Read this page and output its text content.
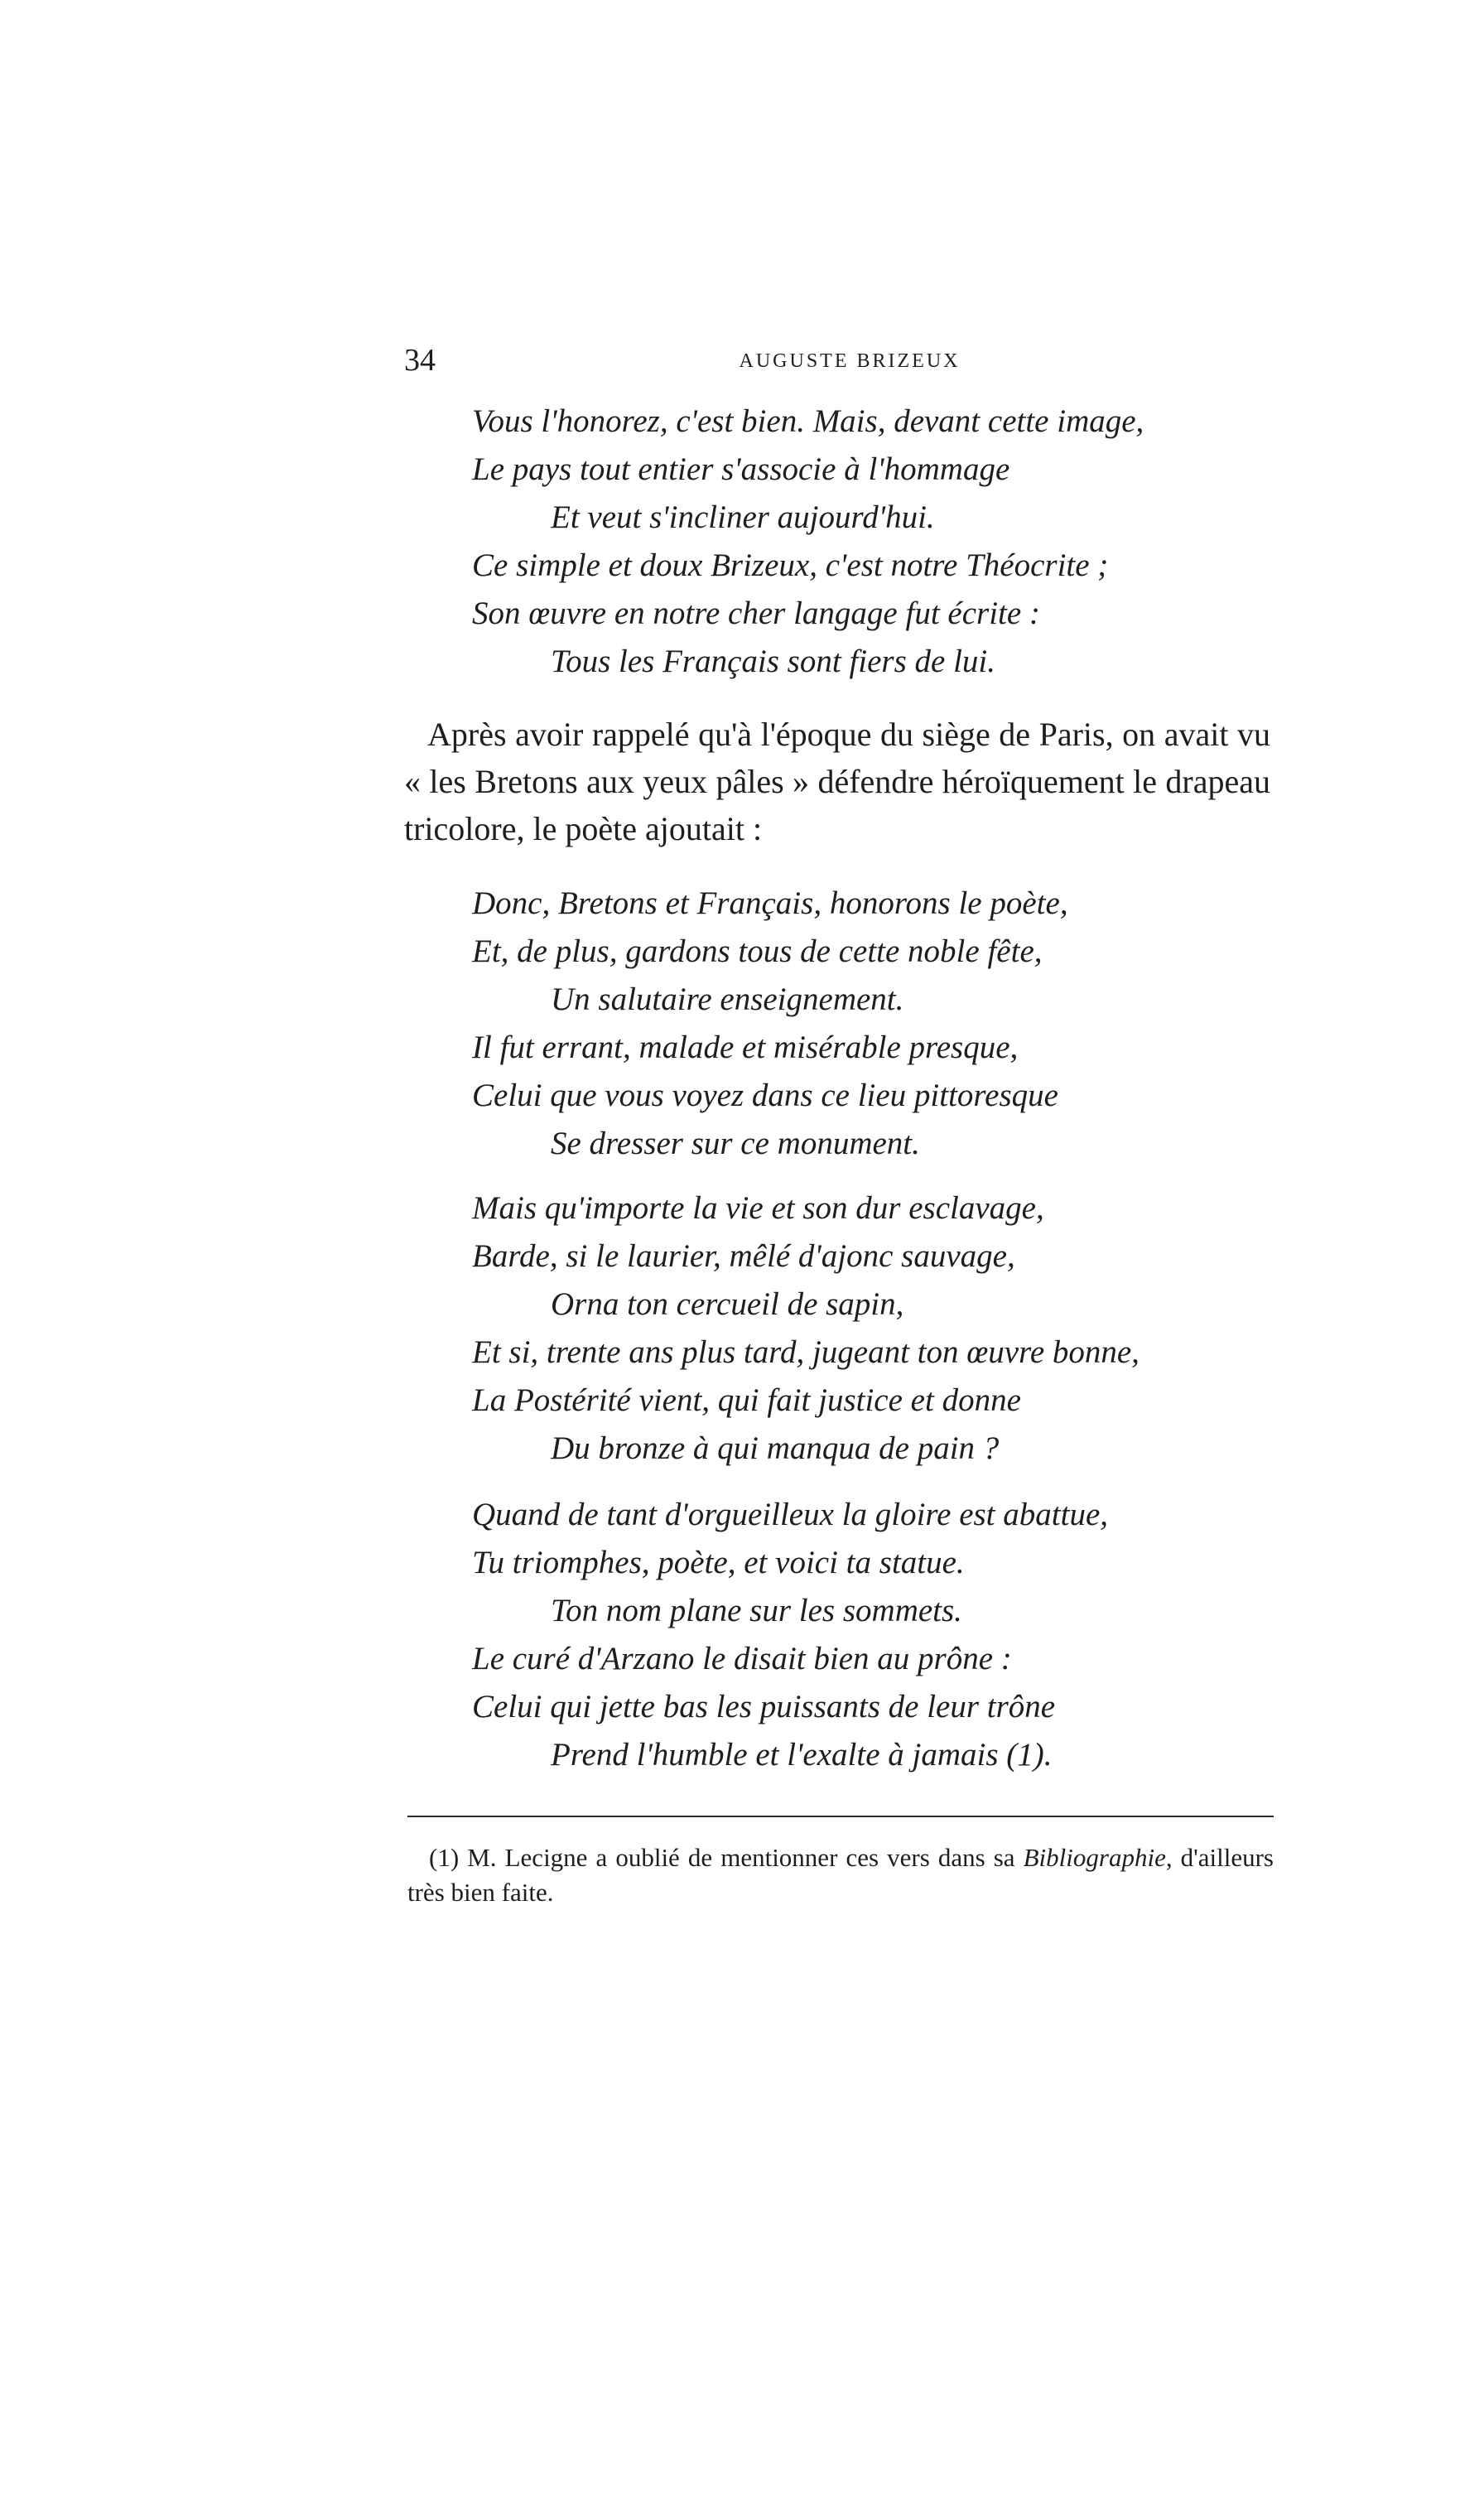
34	AUGUSTE BRIZEUX
Vous l'honorez, c'est bien. Mais, devant cette image,
Le pays tout entier s'associe à l'hommage
Et veut s'incliner aujourd'hui.
Ce simple et doux Brizeux, c'est notre Théocrite ;
Son œuvre en notre cher langage fut écrite :
Tous les Français sont fiers de lui.

Après avoir rappelé qu'à l'époque du siège de Paris, on avait vu « les Bretons aux yeux pâles » défendre héroïquement le drapeau tricolore, le poète ajoutait :

Donc, Bretons et Français, honorons le poète,
Et, de plus, gardons tous de cette noble fête,
Un salutaire enseignement.
Il fut errant, malade et misérable presque,
Celui que vous voyez dans ce lieu pittoresque
Se dresser sur ce monument.
Mais qu'importe la vie et son dur esclavage,
Barde, si le laurier, mêlé d'ajonc sauvage,
Orna ton cercueil de sapin,
Et si, trente ans plus tard, jugeant ton œuvre bonne,
La Postérité vient, qui fait justice et donne
Du bronze à qui manqua de pain ?
Quand de tant d'orgueilleux la gloire est abattue,
Tu triomphes, poète, et voici ta statue.
Ton nom plane sur les sommets.
Le curé d'Arzano le disait bien au prône :
Celui qui jette bas les puissants de leur trône
Prend l'humble et l'exalte à jamais (1).

(1) M. Lecigne a oublié de mentionner ces vers dans sa Bibliographie, d'ailleurs très bien faite.
